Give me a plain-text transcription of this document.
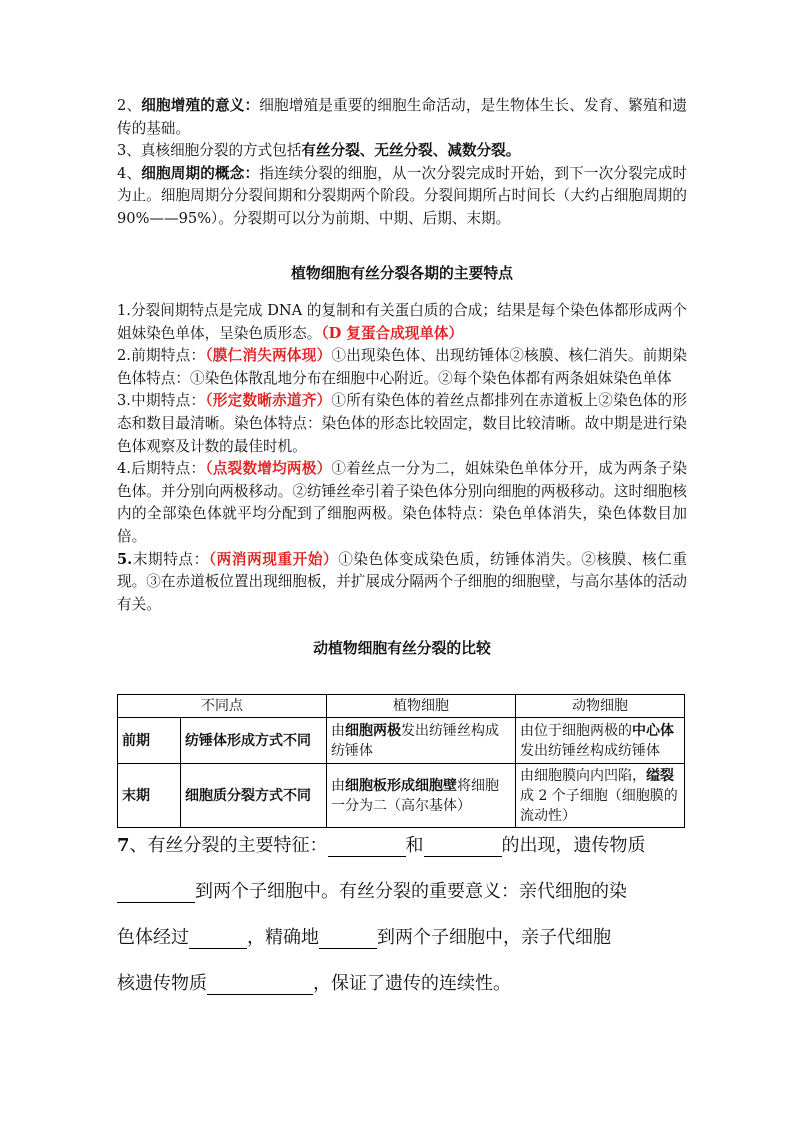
2、细胞增殖的意义：细胞增殖是重要的细胞生命活动，是生物体生长、发育、繁殖和遗传的基础。

3、真核细胞分裂的方式包括有丝分裂、无丝分裂、减数分裂。

4、细胞周期的概念：指连续分裂的细胞，从一次分裂完成时开始，到下一次分裂完成时为止。细胞周期分分裂间期和分裂期两个阶段。分裂间期所占时间长（大约占细胞周期的 90%——95%）。分裂期可以分为前期、中期、后期、末期。

植物细胞有丝分裂各期的主要特点

1.分裂间期特点是完成 DNA 的复制和有关蛋白质的合成；结果是每个染色体都形成两个姐妹染色单体，呈染色质形态。（D 复蛋合成现单体）

2.前期特点：（膜仁消失两体现）①出现染色体、出现纺锤体②核膜、核仁消失。前期染色体特点：①染色体散乱地分布在细胞中心附近。②每个染色体都有两条姐妹染色单体

3.中期特点：（形定数晰赤道齐）①所有染色体的着丝点都排列在赤道板上②染色体的形态和数目最清晰。染色体特点：染色体的形态比较固定，数目比较清晰。故中期是进行染色体观察及计数的最佳时机。

4.后期特点：（点裂数增均两极）①着丝点一分为二，姐妹染色单体分开，成为两条子染色体。并分别向两极移动。②纺锤丝牵引着子染色体分别向细胞的两极移动。这时细胞核内的全部染色体就平均分配到了细胞两极。染色体特点：染色单体消失，染色体数目加倍。

5.末期特点：（两消两现重开始）①染色体变成染色质，纺锤体消失。②核膜、核仁重现。③在赤道板位置出现细胞板，并扩展成分隔两个子细胞的细胞壁，与高尔基体的活动有关。

动植物细胞有丝分裂的比较
不同点		植物细胞	动物细胞
前期	纺锤体形成方式不同	由细胞两极发出纺锤丝构成纺锤体	由位于细胞两极的中心体发出纺锤丝构成纺锤体
末期	细胞质分裂方式不同	由细胞板形成细胞壁将细胞一分为二（高尔基体）	由细胞膜向内凹陷，缢裂成 2 个子细胞（细胞膜的流动性）

7、有丝分裂的主要特征：	和	的出现，遗传物质

到两个子细胞中。有丝分裂的重要意义：亲代细胞的染

色体经过	，精确地	到两个子细胞中，亲子代细胞

核遗传物质	，保证了遗传的连续性。
